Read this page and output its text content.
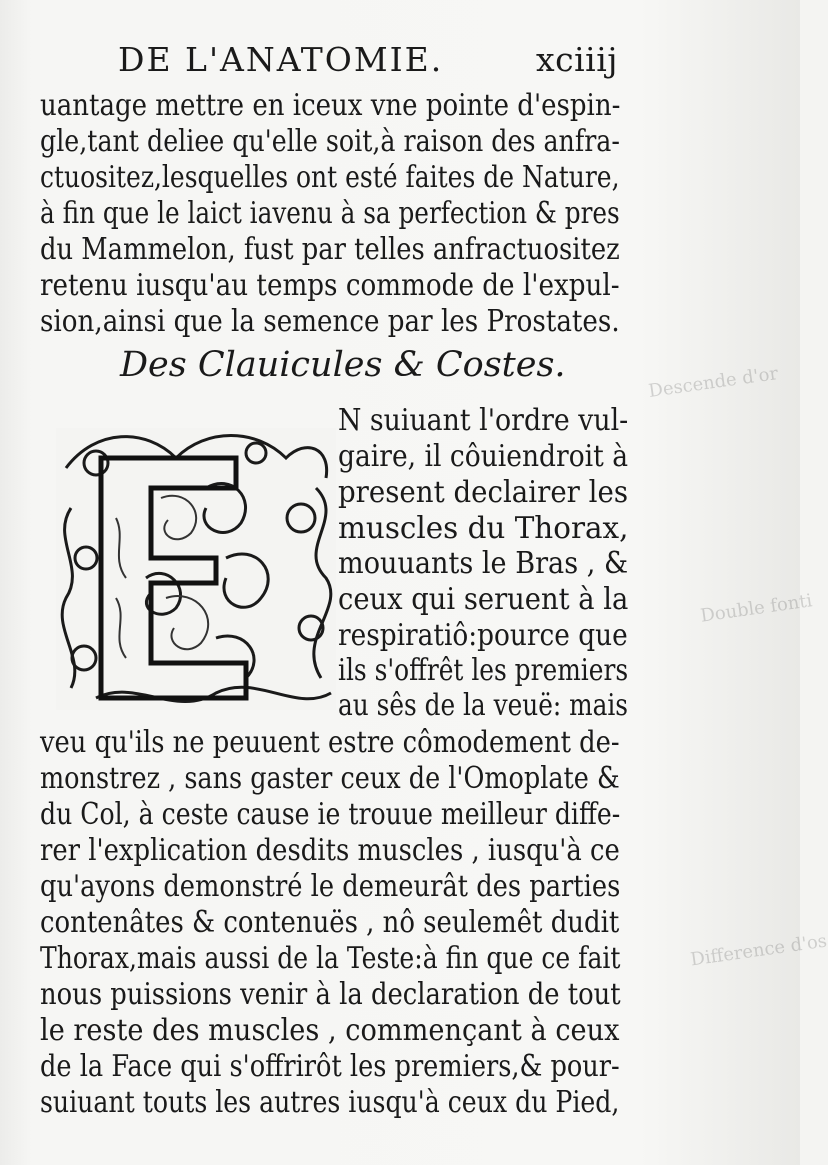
Descende d'or
Double fonti
Difference d'os
DE L'ANATOMIE.	xciiij
uantage mettre en iceux vne pointe d'espin-
gle,tant deliee qu'elle soit,à raison des anfra-
ctuositez,lesquelles ont esté faites de Nature,
à fin que le laict iavenu à sa perfection & pres
du Mammelon, fust par telles anfractuositez
retenu iusqu'au temps commode de l'expul-
sion,ainsi que la semence par les Prostates.
Des Clauicules & Costes.
N suiuant l'ordre vul-
gaire, il côuiendroit à
present declairer les
muscles du Thorax,
mouuants le Bras , &
ceux qui seruent à la
respiratiô:pource que
ils s'offrêt les premiers
au sês de la veuë: mais
veu qu'ils ne peuuent estre cômodement de-
monstrez , sans gaster ceux de l'Omoplate &
du Col, à ceste cause ie trouue meilleur diffe-
rer l'explication desdits muscles , iusqu'à ce
qu'ayons demonstré le demeurât des parties
contenâtes & contenuës , nô seulemêt dudit
Thorax,mais aussi de la Teste:à fin que ce fait
nous puissions venir à la declaration de tout
le reste des muscles , commençant à ceux
de la Face qui s'offrirôt les premiers,& pour-
suiuant touts les autres iusqu'à ceux du Pied,
